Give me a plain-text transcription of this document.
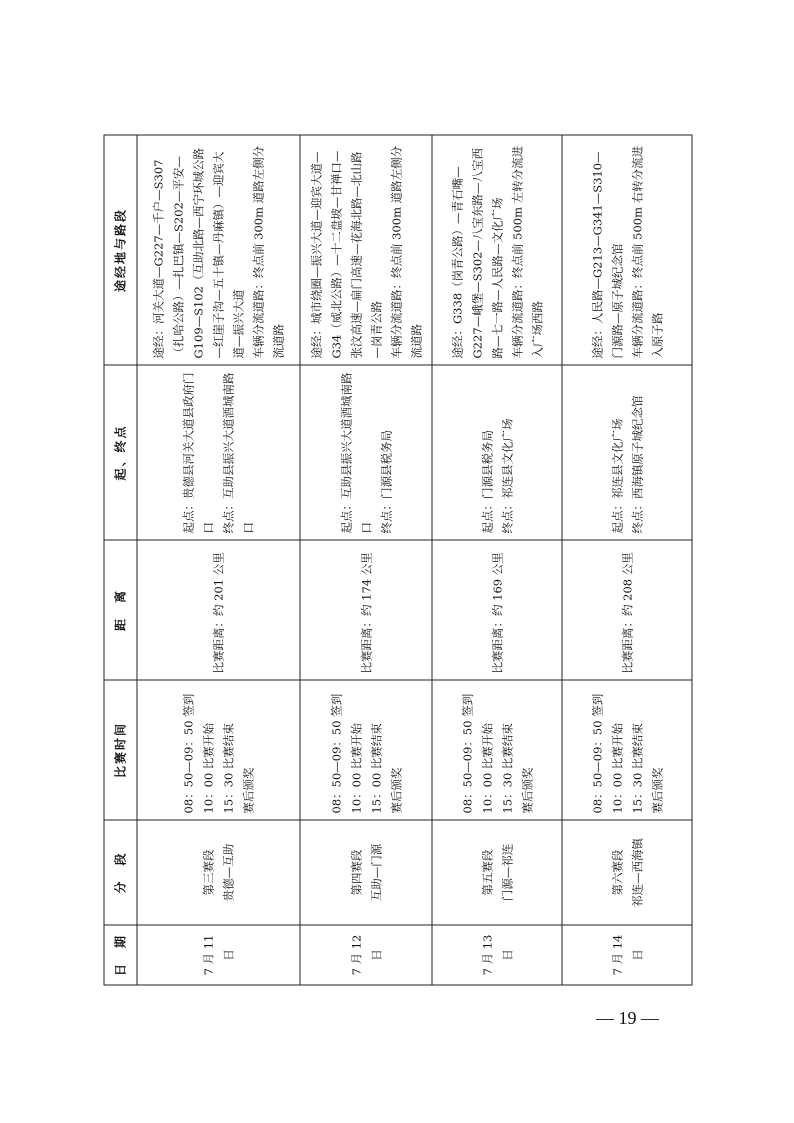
日　期	分　段	比赛时间	距　离	起、终点	途经地与路段
7 月 11 日	第三赛段 贵德—互助	08：50—09：50 签到 10：00 比赛开始 15：30 比赛结束 赛后颁奖	比赛距离：约 201 公里	起点：贵德县河关大道县政府门口 终点：互助县振兴大道酒城南路口	途经：河关大道—G227—千户—S307（扎哈公路）—扎巴镇—S202—平安—G109—S102（互助北路—西宁环城公路—红崖子沟—五十镇—丹麻镇）—迎宾大道—振兴大道 车辆分流道路：终点前 300m 道路左侧分流道路

7 月 12 日	第四赛段 互助—门源	08：50—09：50 签到 10：00 比赛开始 15：00 比赛结束 赛后颁奖	比赛距离：约 174 公里	起点：互助县振兴大道酒城南路口 终点：门源县税务局	途经：城市绕圈—振兴大道—迎宾大道—G34（威北公路）—十二盘坡—甘禅口—张汶高速—扁门高速—花海北路—北山路—岗青公路 车辆分流道路：终点前 300m 道路左侧分流道路

7 月 13 日	第五赛段 门源—祁连	08：50—09：50 签到 10：00 比赛开始 15：30 比赛结束 赛后颁奖	比赛距离：约 169 公里	起点：门源县税务局 终点：祁连县文化广场	途经：G338（岗青公路）—青石嘴—G227—峨堡—S302—八宝东路—八宝西路—七一路—人民路—文化广场 车辆分流道路：终点前 500m 左转分流进入广场西路

7 月 14 日	第六赛段 祁连—西海镇	08：50—09：50 签到 10：00 比赛开始 15：30 比赛结束 赛后颁奖	比赛距离：约 208 公里	起点：祁连县文化广场 终点：西海镇原子城纪念馆	途经：人民路—G213—G341—S310—门源路—原子城纪念馆 车辆分流道路：终点前 500m 右转分流进入原子路
— 19 —
